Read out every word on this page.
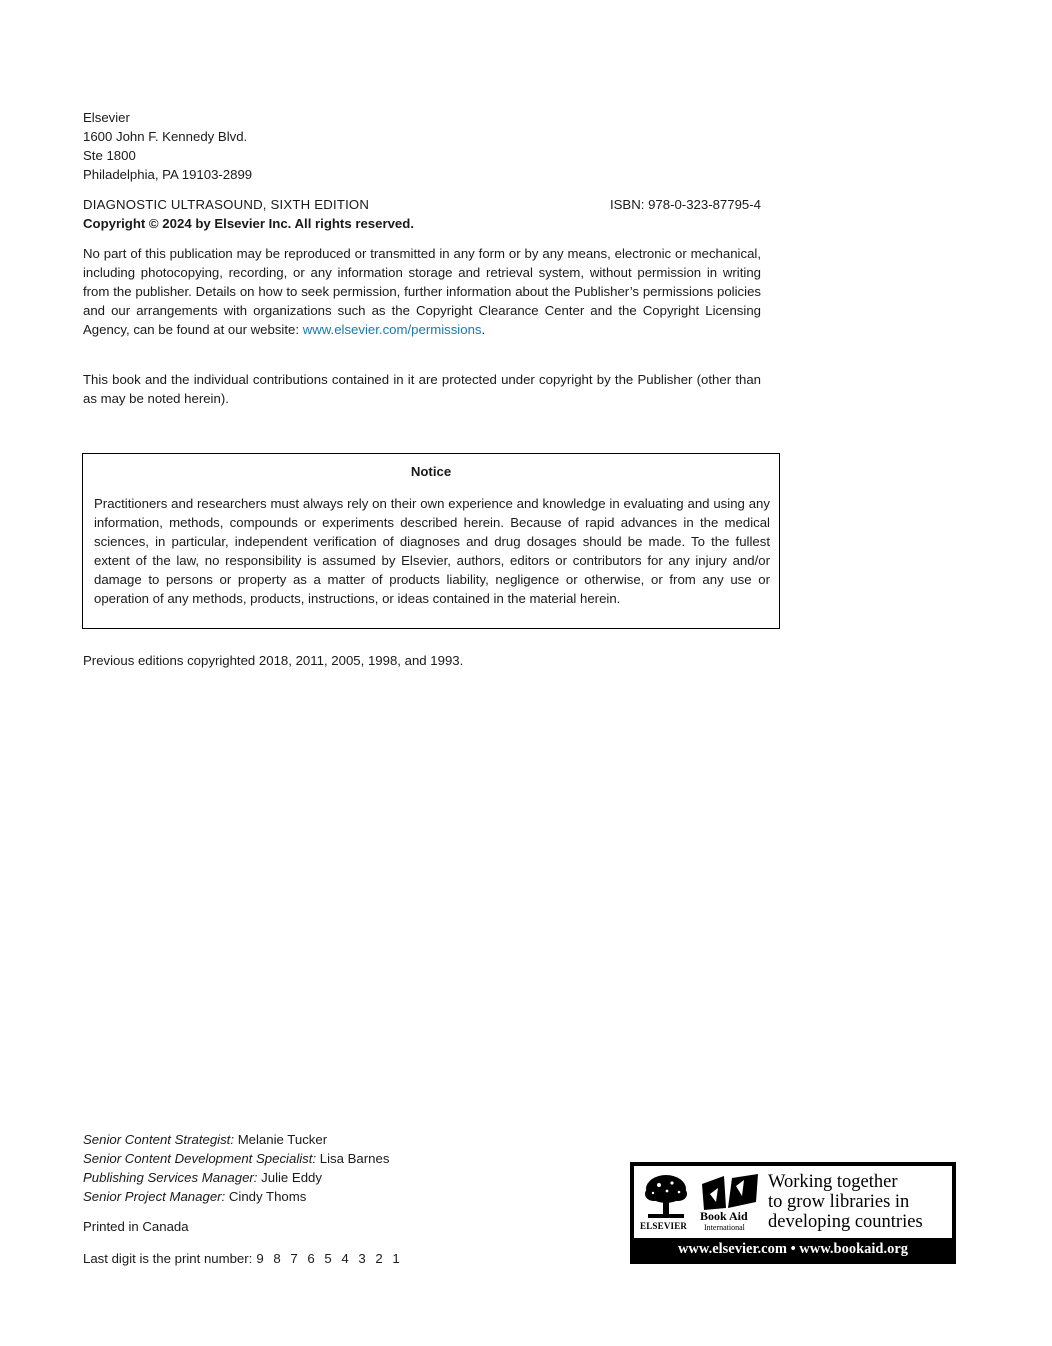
Elsevier
1600 John F. Kennedy Blvd.
Ste 1800
Philadelphia, PA 19103-2899
DIAGNOSTIC ULTRASOUND, SIXTH EDITION	ISBN: 978-0-323-87795-4
Copyright © 2024 by Elsevier Inc. All rights reserved.

No part of this publication may be reproduced or transmitted in any form or by any means, electronic or mechanical, including photocopying, recording, or any information storage and retrieval system, without permission in writing from the publisher. Details on how to seek permission, further information about the Publisher’s permissions policies and our arrangements with organizations such as the Copyright Clearance Center and the Copyright Licensing Agency, can be found at our website: www.elsevier.com/permissions.

This book and the individual contributions contained in it are protected under copyright by the Publisher (other than as may be noted herein).

Notice

Practitioners and researchers must always rely on their own experience and knowledge in evaluating and using any information, methods, compounds or experiments described herein. Because of rapid advances in the medical sciences, in particular, independent verification of diagnoses and drug dosages should be made. To the fullest extent of the law, no responsibility is assumed by Elsevier, authors, editors or contributors for any injury and/or damage to persons or property as a matter of products liability, negligence or otherwise, or from any use or operation of any methods, products, instructions, or ideas contained in the material herein.

Previous editions copyrighted 2018, 2011, 2005, 1998, and 1993.
Senior Content Strategist: Melanie Tucker
Senior Content Development Specialist: Lisa Barnes
Publishing Services Manager: Julie Eddy
Senior Project Manager: Cindy Thoms
Printed in Canada
Last digit is the print number: 9 8 7 6 5 4 3 2 1
ELSEVIER
Book Aid
International
Working together
to grow libraries in
developing countries
www.elsevier.com • www.bookaid.org
